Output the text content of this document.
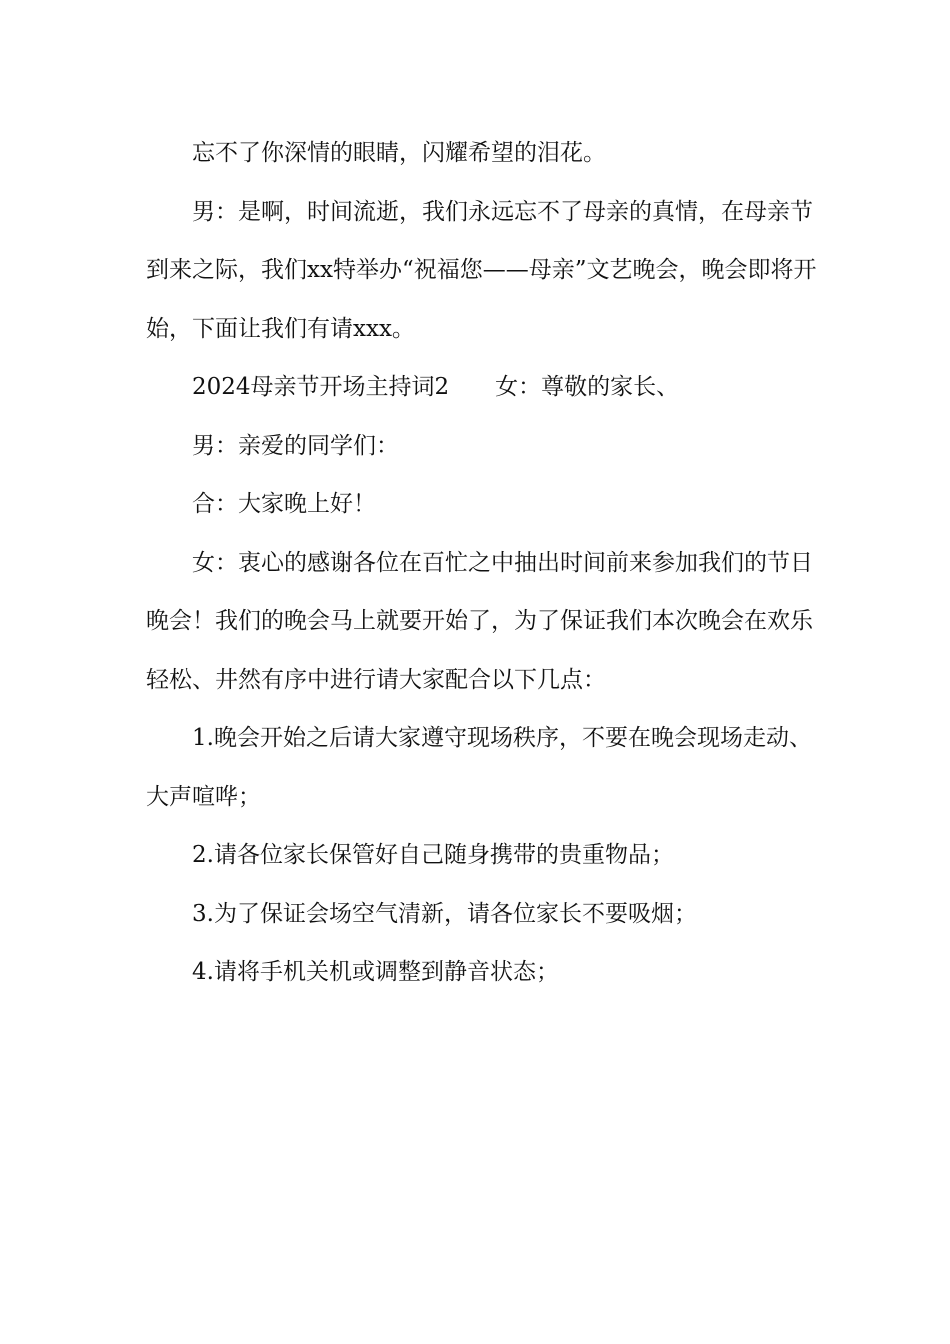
忘不了你深情的眼睛，闪耀希望的泪花。

男：是啊，时间流逝，我们永远忘不了母亲的真情，在母亲节到来之际，我们xx特举办“祝福您——母亲”文艺晚会，晚会即将开始，下面让我们有请xxx。

2024母亲节开场主持词2　　女：尊敬的家长、

男：亲爱的同学们：

合：大家晚上好！

女：衷心的感谢各位在百忙之中抽出时间前来参加我们的节日晚会！我们的晚会马上就要开始了，为了保证我们本次晚会在欢乐轻松、井然有序中进行请大家配合以下几点：

1.晚会开始之后请大家遵守现场秩序，不要在晚会现场走动、大声喧哗；

2.请各位家长保管好自己随身携带的贵重物品；

3.为了保证会场空气清新，请各位家长不要吸烟；

4.请将手机关机或调整到静音状态；
